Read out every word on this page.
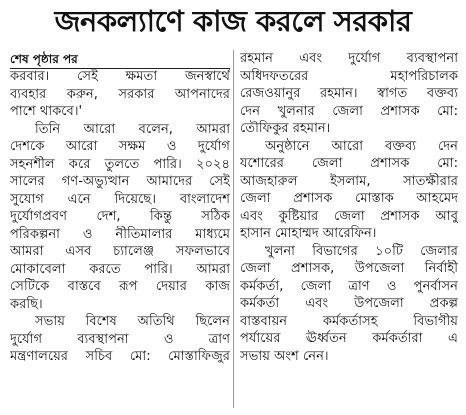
জনকল্যাণে কাজ করলে সরকার
শেষ পৃষ্ঠার পর
করবার। সেই ক্ষমতা জনস্বার্থে
ব্যবহার করুন, সরকার আপনাদের
পাশে থাকবে।'
তিনি আরো বলেন, আমরা
দেশকে আরো সক্ষম ও দুর্যোগ
সহনশীল করে তুলতে পারি। ২০২৪
সালের গণ-অভ্যুত্থান আমাদের সেই
সুযোগ এনে দিয়েছে। বাংলাদেশ
দুর্যোগপ্রবণ দেশ, কিন্তু সঠিক
পরিকল্পনা ও নীতিমালার মাধ্যমে
আমরা এসব চ্যালেঞ্জ সফলভাবে
মোকাবেলা করতে পারি। আমরা
সেটিকে বাস্তবে রূপ দেয়ার কাজ
করছি।
সভায় বিশেষ অতিথি ছিলেন
দুর্যোগ ব্যবস্থাপনা ও ত্রাণ
মন্ত্রণালয়ের সচিব মো: মোস্তাফিজুর
রহমান এবং দুর্যোগ ব্যবস্থাপনা
অধিদফতরের মহাপরিচালক
রেজওয়ানুর রহমান। স্বাগত বক্তব্য
দেন খুলনার জেলা প্রশাসক মো:
তৌফিকুর রহমান।
অনুষ্ঠানে আরো বক্তব্য দেন
যশোরের জেলা প্রশাসক মো:
আজহারুল ইসলাম, সাতক্ষীরার
জেলা প্রশাসক মোস্তাক আহমেদ
এবং কুষ্টিয়ার জেলা প্রশাসক আবু
হাসান মোহাম্মদ আরেফিন।
খুলনা বিভাগের ১০টি জেলার
জেলা প্রশাসক, উপজেলা নির্বাহী
কর্মকর্তা, জেলা ত্রাণ ও পুনর্বাসন
কর্মকর্তা এবং উপজেলা প্রকল্প
বাস্তবায়ন কর্মকর্তাসহ বিভাগীয়
পর্যায়ের ঊর্ধ্বতন কর্মকর্তারা এ
সভায় অংশ নেন।
